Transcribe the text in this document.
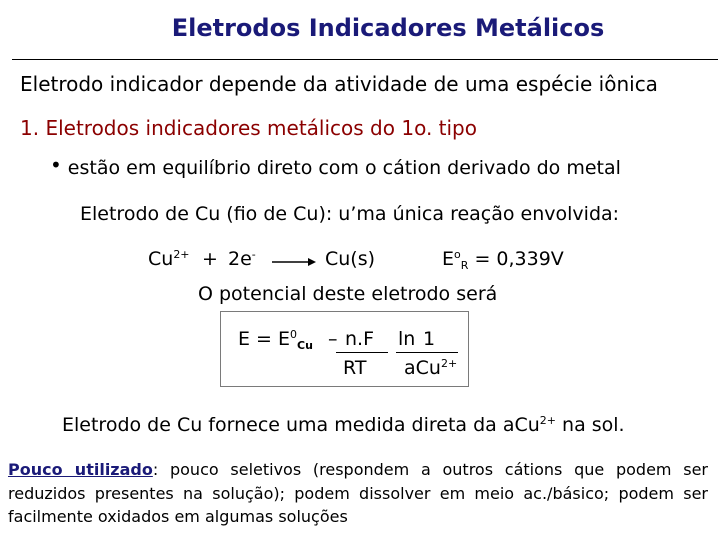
Eletrodos Indicadores Metálicos
Eletrodo indicador depende da atividade de uma espécie iônica
1. Eletrodos indicadores metálicos do 1o. tipo
• estão em equilíbrio direto com o cátion derivado do metal
Eletrodo de Cu (fio de Cu): u’ma única reação envolvida:
$Cu^{2+} + 2e^-$	Cu(s)	$E^o_R = 0,339V$
O potencial deste eletrodo será
$E = E^0_{Cu} - n.F$ ln 1
RT aCu$^{2+}$
Eletrodo de Cu fornece uma medida direta da aCu$^{2+}$ na sol.
Pouco utilizado: pouco seletivos (respondem a outros cátions que podem ser reduzidos presentes na solução); podem dissolver em meio ac./básico; podem ser facilmente oxidados em algumas soluções
